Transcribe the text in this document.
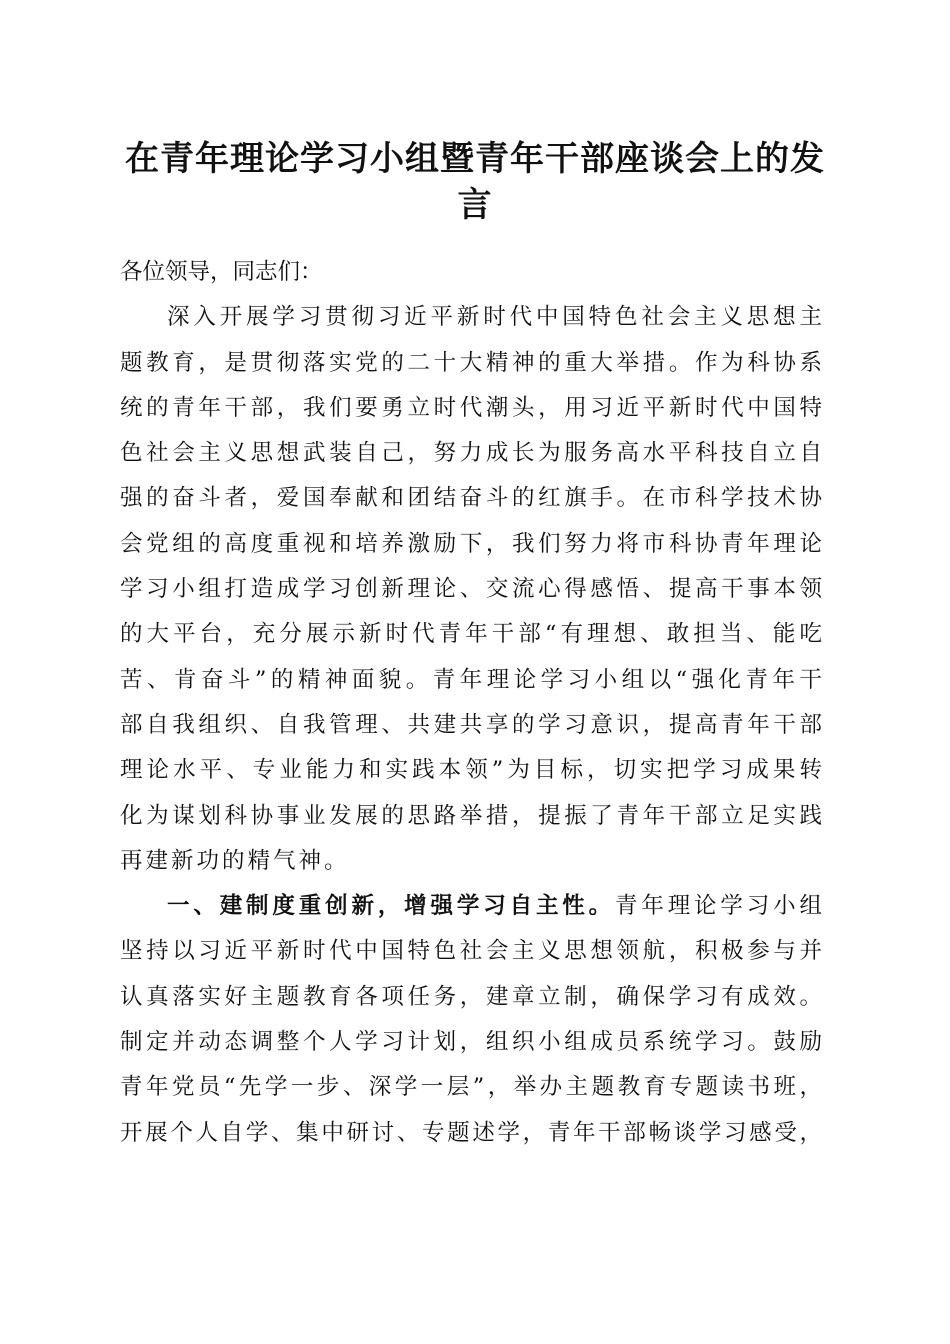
在青年理论学习小组暨青年干部座谈会上的发
言
各位领导，同志们：
深入开展学习贯彻习近平新时代中国特色社会主义思想主
题教育，是贯彻落实党的二十大精神的重大举措。作为科协系
统的青年干部，我们要勇立时代潮头，用习近平新时代中国特
色社会主义思想武装自己，努力成长为服务高水平科技自立自
强的奋斗者，爱国奉献和团结奋斗的红旗手。在市科学技术协
会党组的高度重视和培养激励下，我们努力将市科协青年理论
学习小组打造成学习创新理论、交流心得感悟、提高干事本领
的大平台，充分展示新时代青年干部“有理想、敢担当、能吃
苦、肯奋斗”的精神面貌。青年理论学习小组以“强化青年干
部自我组织、自我管理、共建共享的学习意识，提高青年干部
理论水平、专业能力和实践本领”为目标，切实把学习成果转
化为谋划科协事业发展的思路举措，提振了青年干部立足实践
再建新功的精气神。
一、建制度重创新，增强学习自主性。青年理论学习小组
坚持以习近平新时代中国特色社会主义思想领航，积极参与并
认真落实好主题教育各项任务，建章立制，确保学习有成效。
制定并动态调整个人学习计划，组织小组成员系统学习。鼓励
青年党员“先学一步、深学一层”，举办主题教育专题读书班，
开展个人自学、集中研讨、专题述学，青年干部畅谈学习感受，
